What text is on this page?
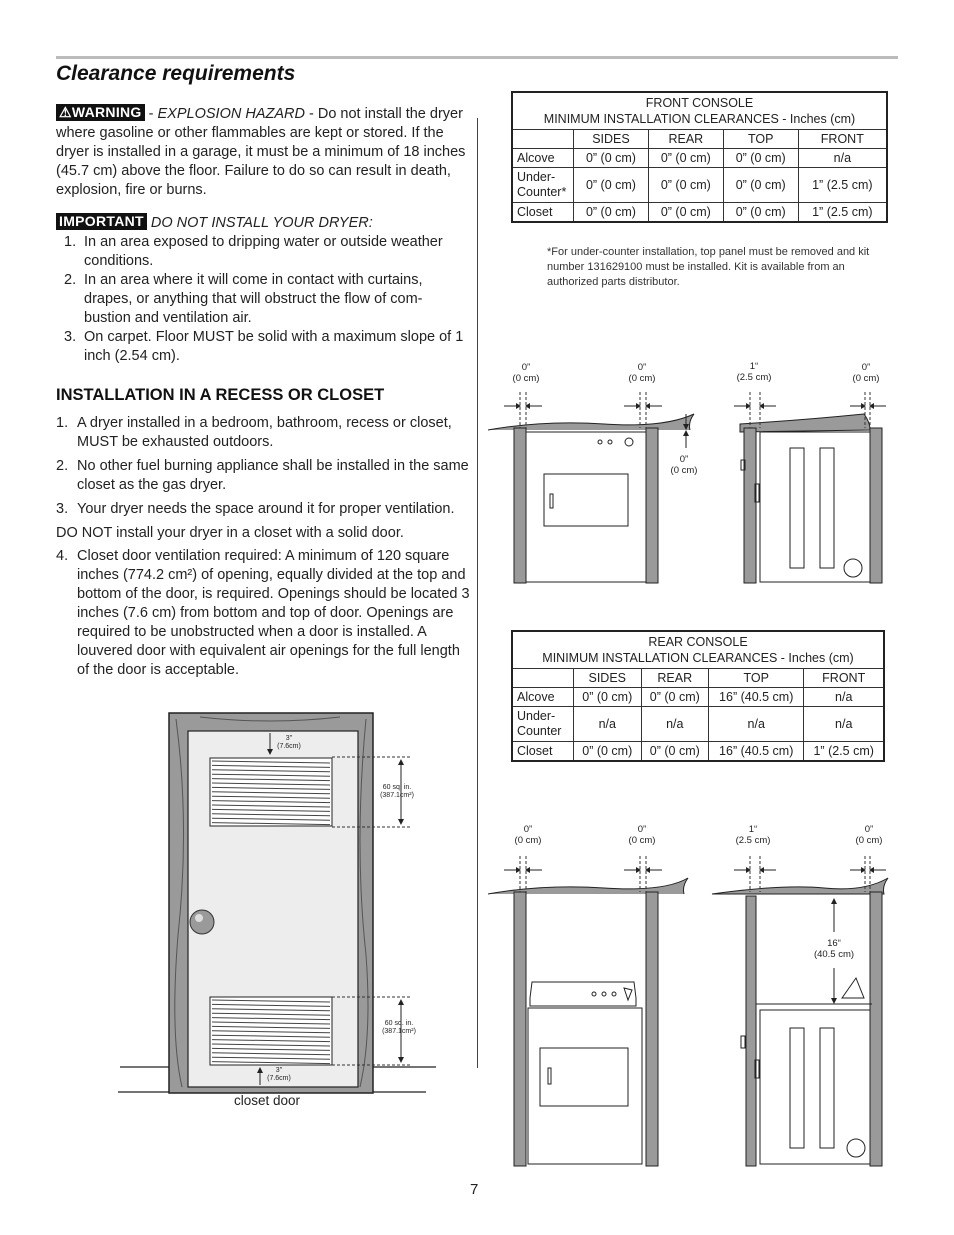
Clearance requirements
⚠WARNING - EXPLOSION HAZARD - Do not install the dryer where gasoline or other flammables are kept or stored. If the dryer is installed in a garage, it must be a minimum of 18 inches (45.7 cm) above the floor. Failure to do so can result in death, explosion, fire or burns.
IMPORTANT DO NOT INSTALL YOUR DRYER:
1. In an area exposed to dripping water or outside weather conditions.
2. In an area where it will come in contact with curtains, drapes, or anything that will obstruct the flow of com-bustion and ventilation air.
3. On carpet. Floor MUST be solid with a maximum slope of 1 inch (2.54 cm).
INSTALLATION IN A RECESS OR CLOSET
1. A dryer installed in a bedroom, bathroom, recess or closet, MUST be exhausted outdoors.
2. No other fuel burning appliance shall be installed in the same closet as the gas dryer.
3. Your dryer needs the space around it for proper ventilation.
DO NOT install your dryer in a closet with a solid door.
4. Closet door ventilation required: A minimum of 120 square inches (774.2 cm²) of opening, equally divided at the top and bottom of the door, is required. Openings should be located 3 inches (7.6 cm) from bottom and top of door. Openings are required to be unobstructed when a door is installed. A louvered door with equivalent air openings for the full length of the door is acceptable.
3"
(7.6cm)
60 sq. in.
(387.1cm²)
60 sq. in.
(387.1cm²)
3"
(7.6cm)
closet door
FRONT CONSOLE
MINIMUM INSTALLATION CLEARANCES - Inches (cm)				

	SIDES	REAR	TOP	FRONT
Alcove	0” (0 cm)	0” (0 cm)	0” (0 cm)	n/a
Under-Counter*	0” (0 cm)	0” (0 cm)	0” (0 cm)	1” (2.5 cm)
Closet	0” (0 cm)	0” (0 cm)	0” (0 cm)	1” (2.5 cm)
*For under-counter installation, top panel must be removed and kit number 131629100 must be installed. Kit is available from an authorized parts distributor.
0”
(0 cm)
0”
(0 cm)
0”
(0 cm)
1“
(2.5 cm)
0”
(0 cm)
REAR CONSOLE
MINIMUM INSTALLATION CLEARANCES - Inches (cm)				

	SIDES	REAR	TOP	FRONT
Alcove	0” (0 cm)	0” (0 cm)	16” (40.5 cm)	n/a
Under-Counter	n/a	n/a	n/a	n/a
Closet	0” (0 cm)	0” (0 cm)	16” (40.5 cm)	1” (2.5 cm)
0”
(0 cm)
0”
(0 cm)
1“
(2.5 cm)
0”
(0 cm)
16“
(40.5 cm)
7
